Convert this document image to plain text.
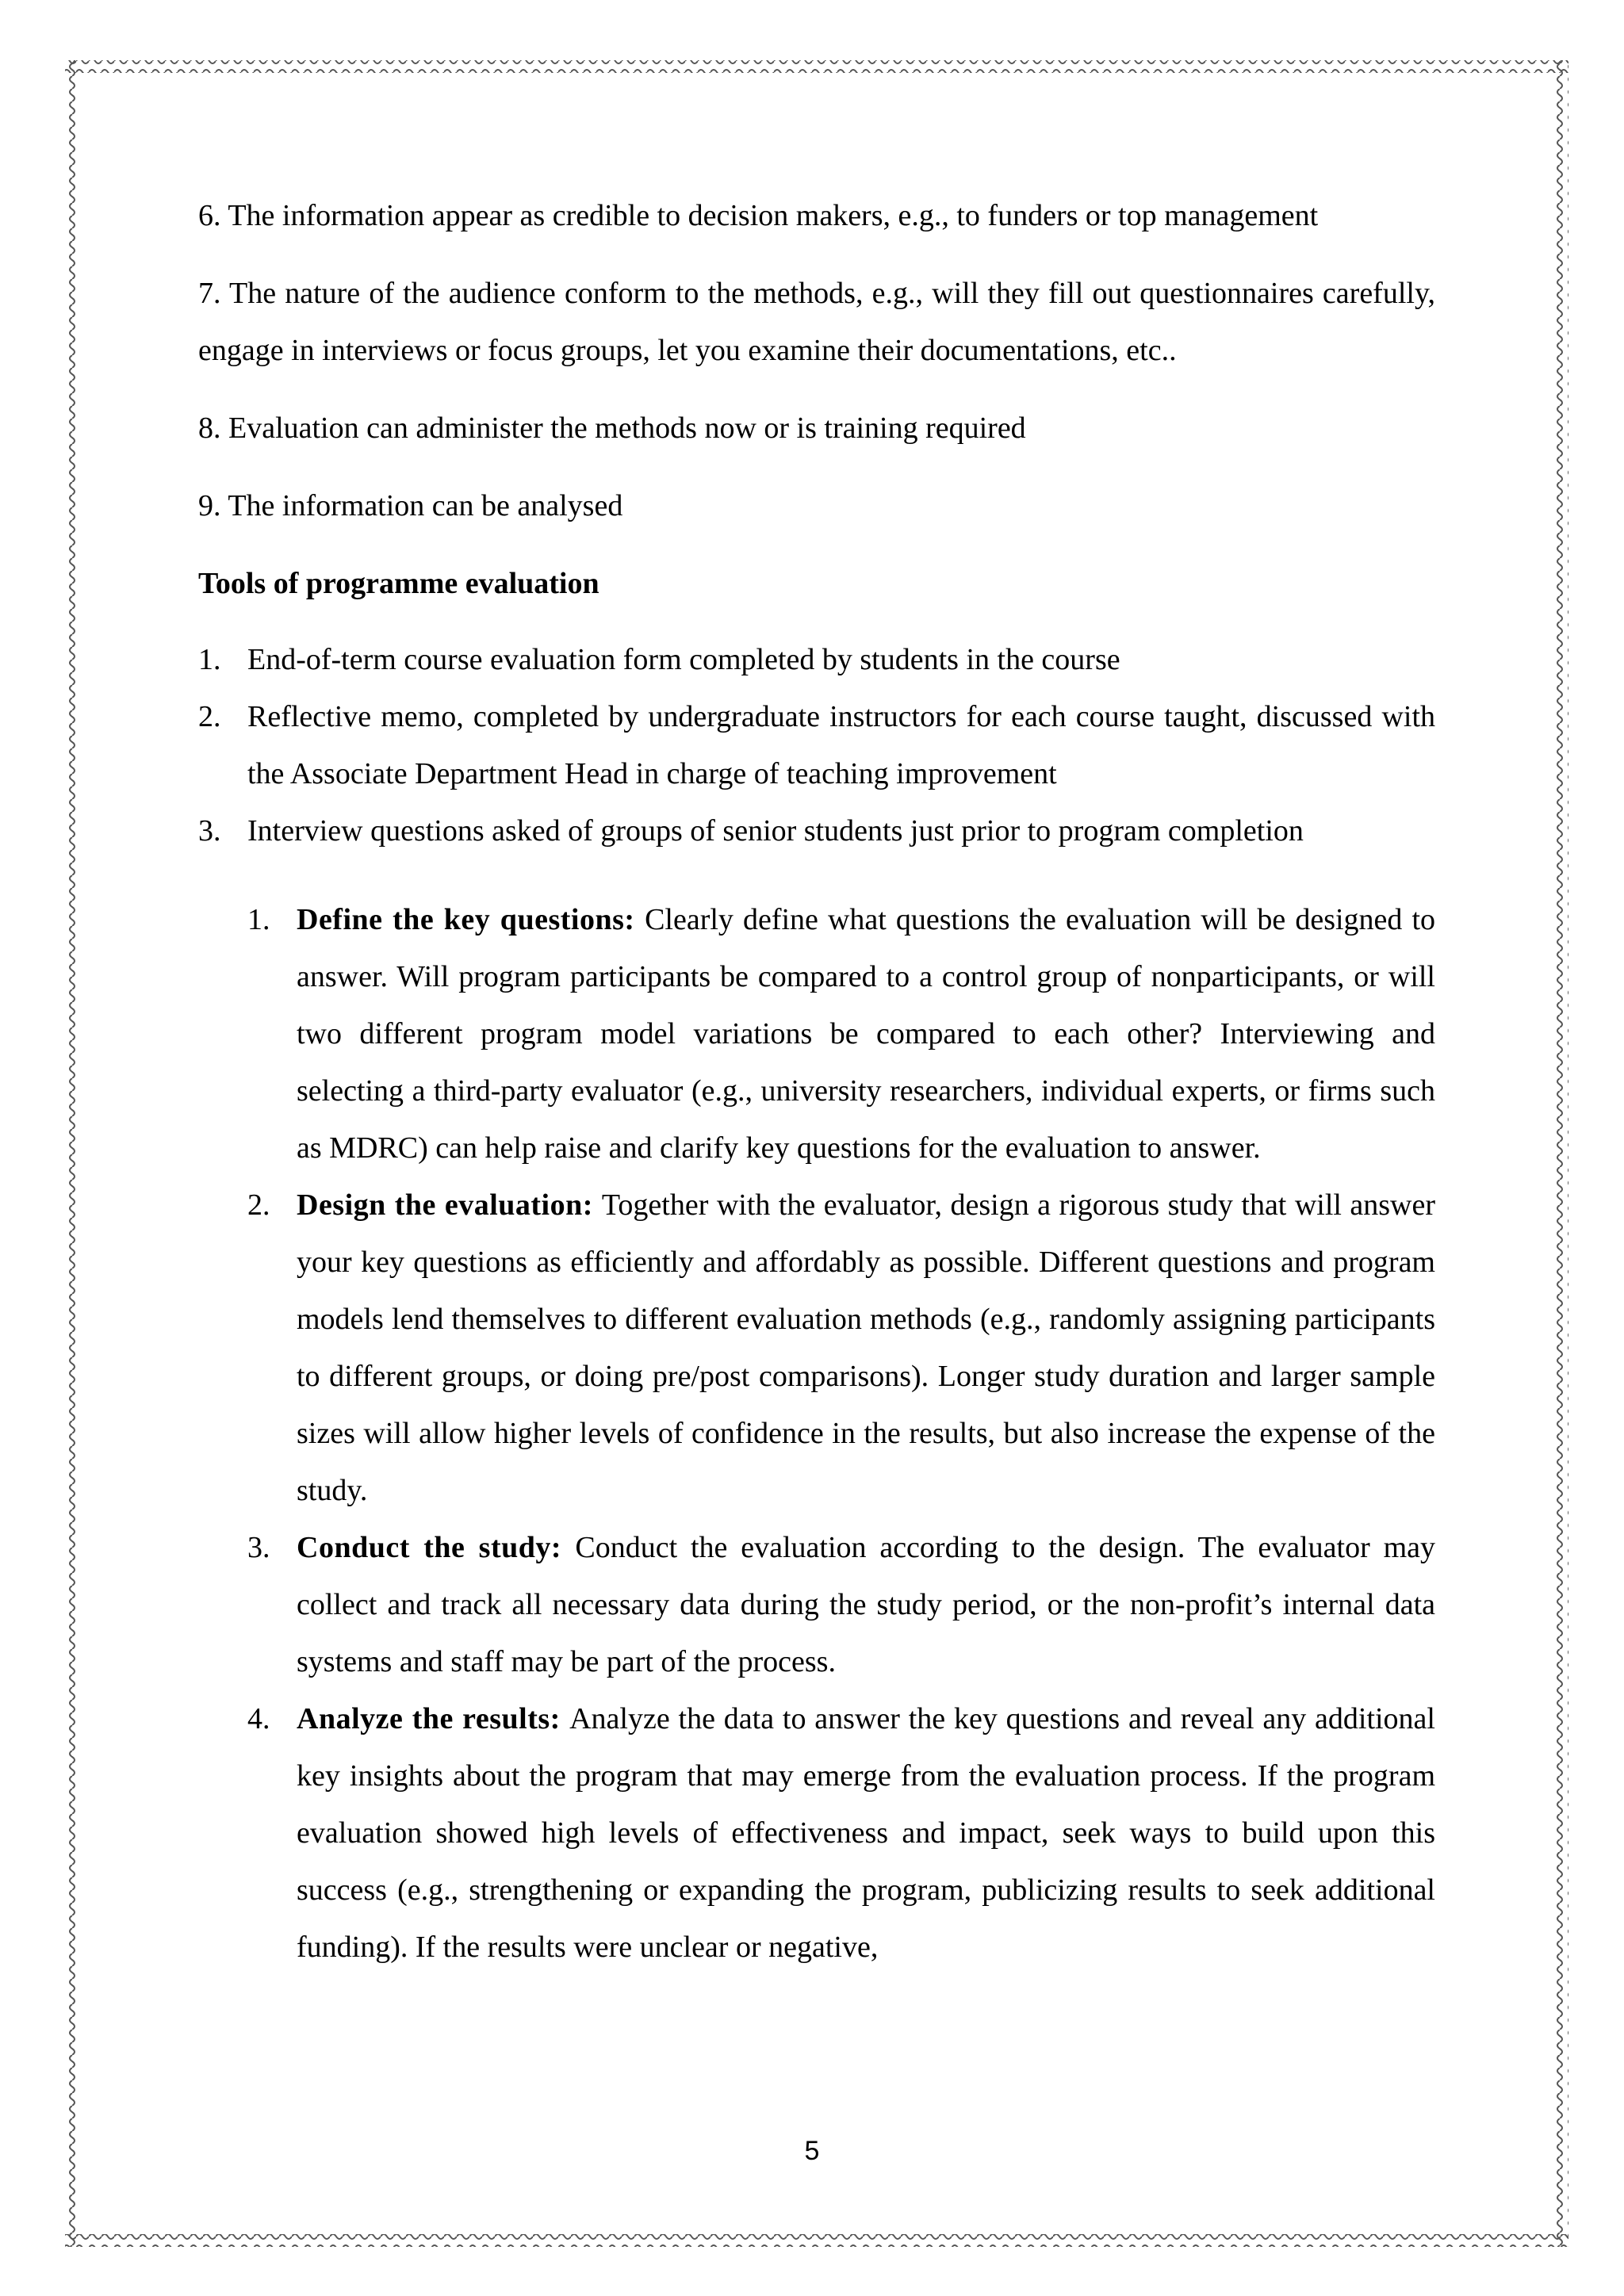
6. The information appear as credible to decision makers, e.g., to funders or top management

7. The nature of the audience conform to the methods, e.g., will they fill out questionnaires carefully, engage in interviews or focus groups, let you examine their documentations, etc..

8. Evaluation can administer the methods now or is training required

9. The information can be analysed

Tools of programme evaluation

1. End-of-term course evaluation form completed by students in the course
2. Reflective memo, completed by undergraduate instructors for each course taught, discussed with the Associate Department Head in charge of teaching improvement
3. Interview questions asked of groups of senior students just prior to program completion
1. Define the key questions: Clearly define what questions the evaluation will be designed to answer. Will program participants be compared to a control group of nonparticipants, or will two different program model variations be compared to each other? Interviewing and selecting a third-party evaluator (e.g., university researchers, individual experts, or firms such as MDRC) can help raise and clarify key questions for the evaluation to answer.
2. Design the evaluation: Together with the evaluator, design a rigorous study that will answer your key questions as efficiently and affordably as possible. Different questions and program models lend themselves to different evaluation methods (e.g., randomly assigning participants to different groups, or doing pre/post comparisons). Longer study duration and larger sample sizes will allow higher levels of confidence in the results, but also increase the expense of the study.
3. Conduct the study: Conduct the evaluation according to the design. The evaluator may collect and track all necessary data during the study period, or the non-profit’s internal data systems and staff may be part of the process.
4. Analyze the results: Analyze the data to answer the key questions and reveal any additional key insights about the program that may emerge from the evaluation process. If the program evaluation showed high levels of effectiveness and impact, seek ways to build upon this success (e.g., strengthening or expanding the program, publicizing results to seek additional funding). If the results were unclear or negative,
5
